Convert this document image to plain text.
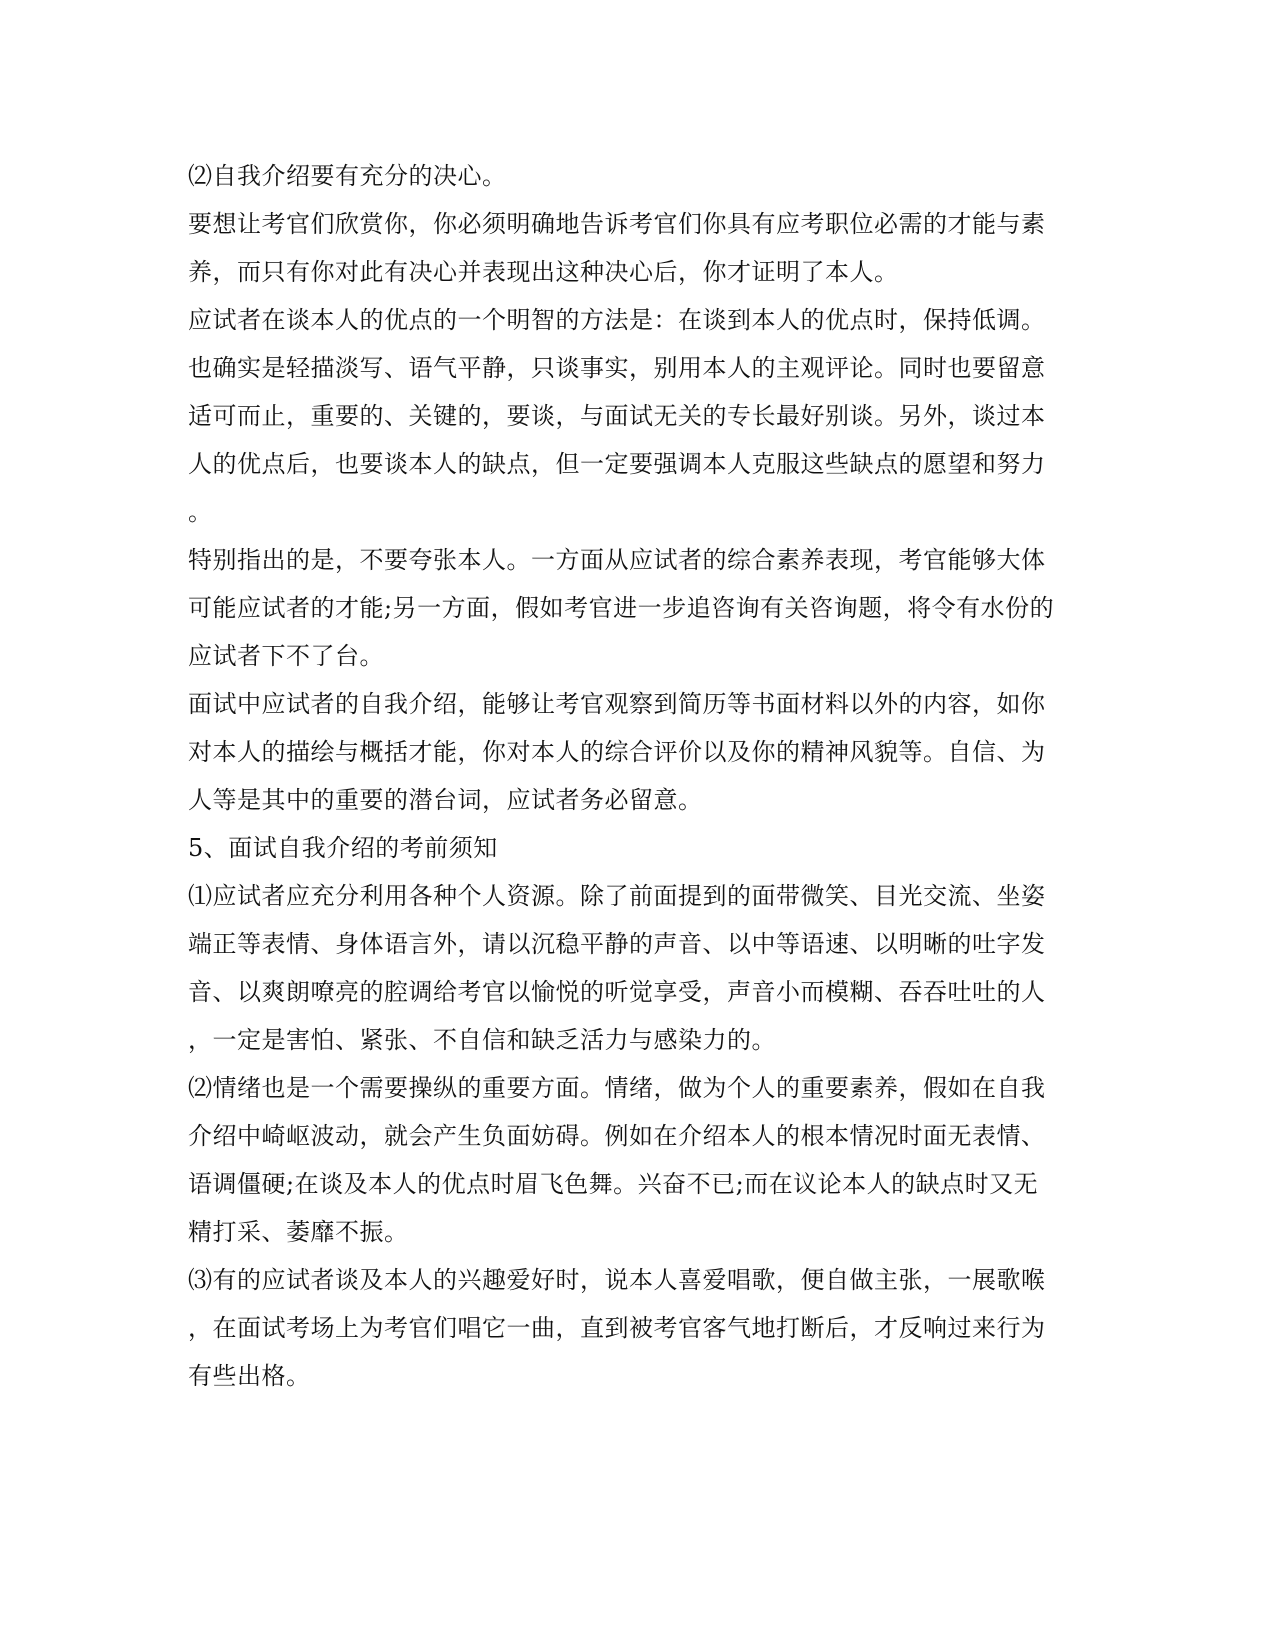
⑵自我介绍要有充分的决心。
要想让考官们欣赏你，你必须明确地告诉考官们你具有应考职位必需的才能与素
养，而只有你对此有决心并表现出这种决心后，你才证明了本人。
应试者在谈本人的优点的一个明智的方法是：在谈到本人的优点时，保持低调。
也确实是轻描淡写、语气平静，只谈事实，别用本人的主观评论。同时也要留意
适可而止，重要的、关键的，要谈，与面试无关的专长最好别谈。另外，谈过本
人的优点后，也要谈本人的缺点，但一定要强调本人克服这些缺点的愿望和努力
。
特别指出的是，不要夸张本人。一方面从应试者的综合素养表现，考官能够大体
可能应试者的才能;另一方面，假如考官进一步追咨询有关咨询题，将令有水份的
应试者下不了台。
面试中应试者的自我介绍，能够让考官观察到简历等书面材料以外的内容，如你
对本人的描绘与概括才能，你对本人的综合评价以及你的精神风貌等。自信、为
人等是其中的重要的潜台词，应试者务必留意。
5、面试自我介绍的考前须知
⑴应试者应充分利用各种个人资源。除了前面提到的面带微笑、目光交流、坐姿
端正等表情、身体语言外，请以沉稳平静的声音、以中等语速、以明晰的吐字发
音、以爽朗嘹亮的腔调给考官以愉悦的听觉享受，声音小而模糊、吞吞吐吐的人
，一定是害怕、紧张、不自信和缺乏活力与感染力的。
⑵情绪也是一个需要操纵的重要方面。情绪，做为个人的重要素养，假如在自我
介绍中崎岖波动，就会产生负面妨碍。例如在介绍本人的根本情况时面无表情、
语调僵硬;在谈及本人的优点时眉飞色舞。兴奋不已;而在议论本人的缺点时又无
精打采、萎靡不振。
⑶有的应试者谈及本人的兴趣爱好时，说本人喜爱唱歌，便自做主张，一展歌喉
，在面试考场上为考官们唱它一曲，直到被考官客气地打断后，才反响过来行为
有些出格。
